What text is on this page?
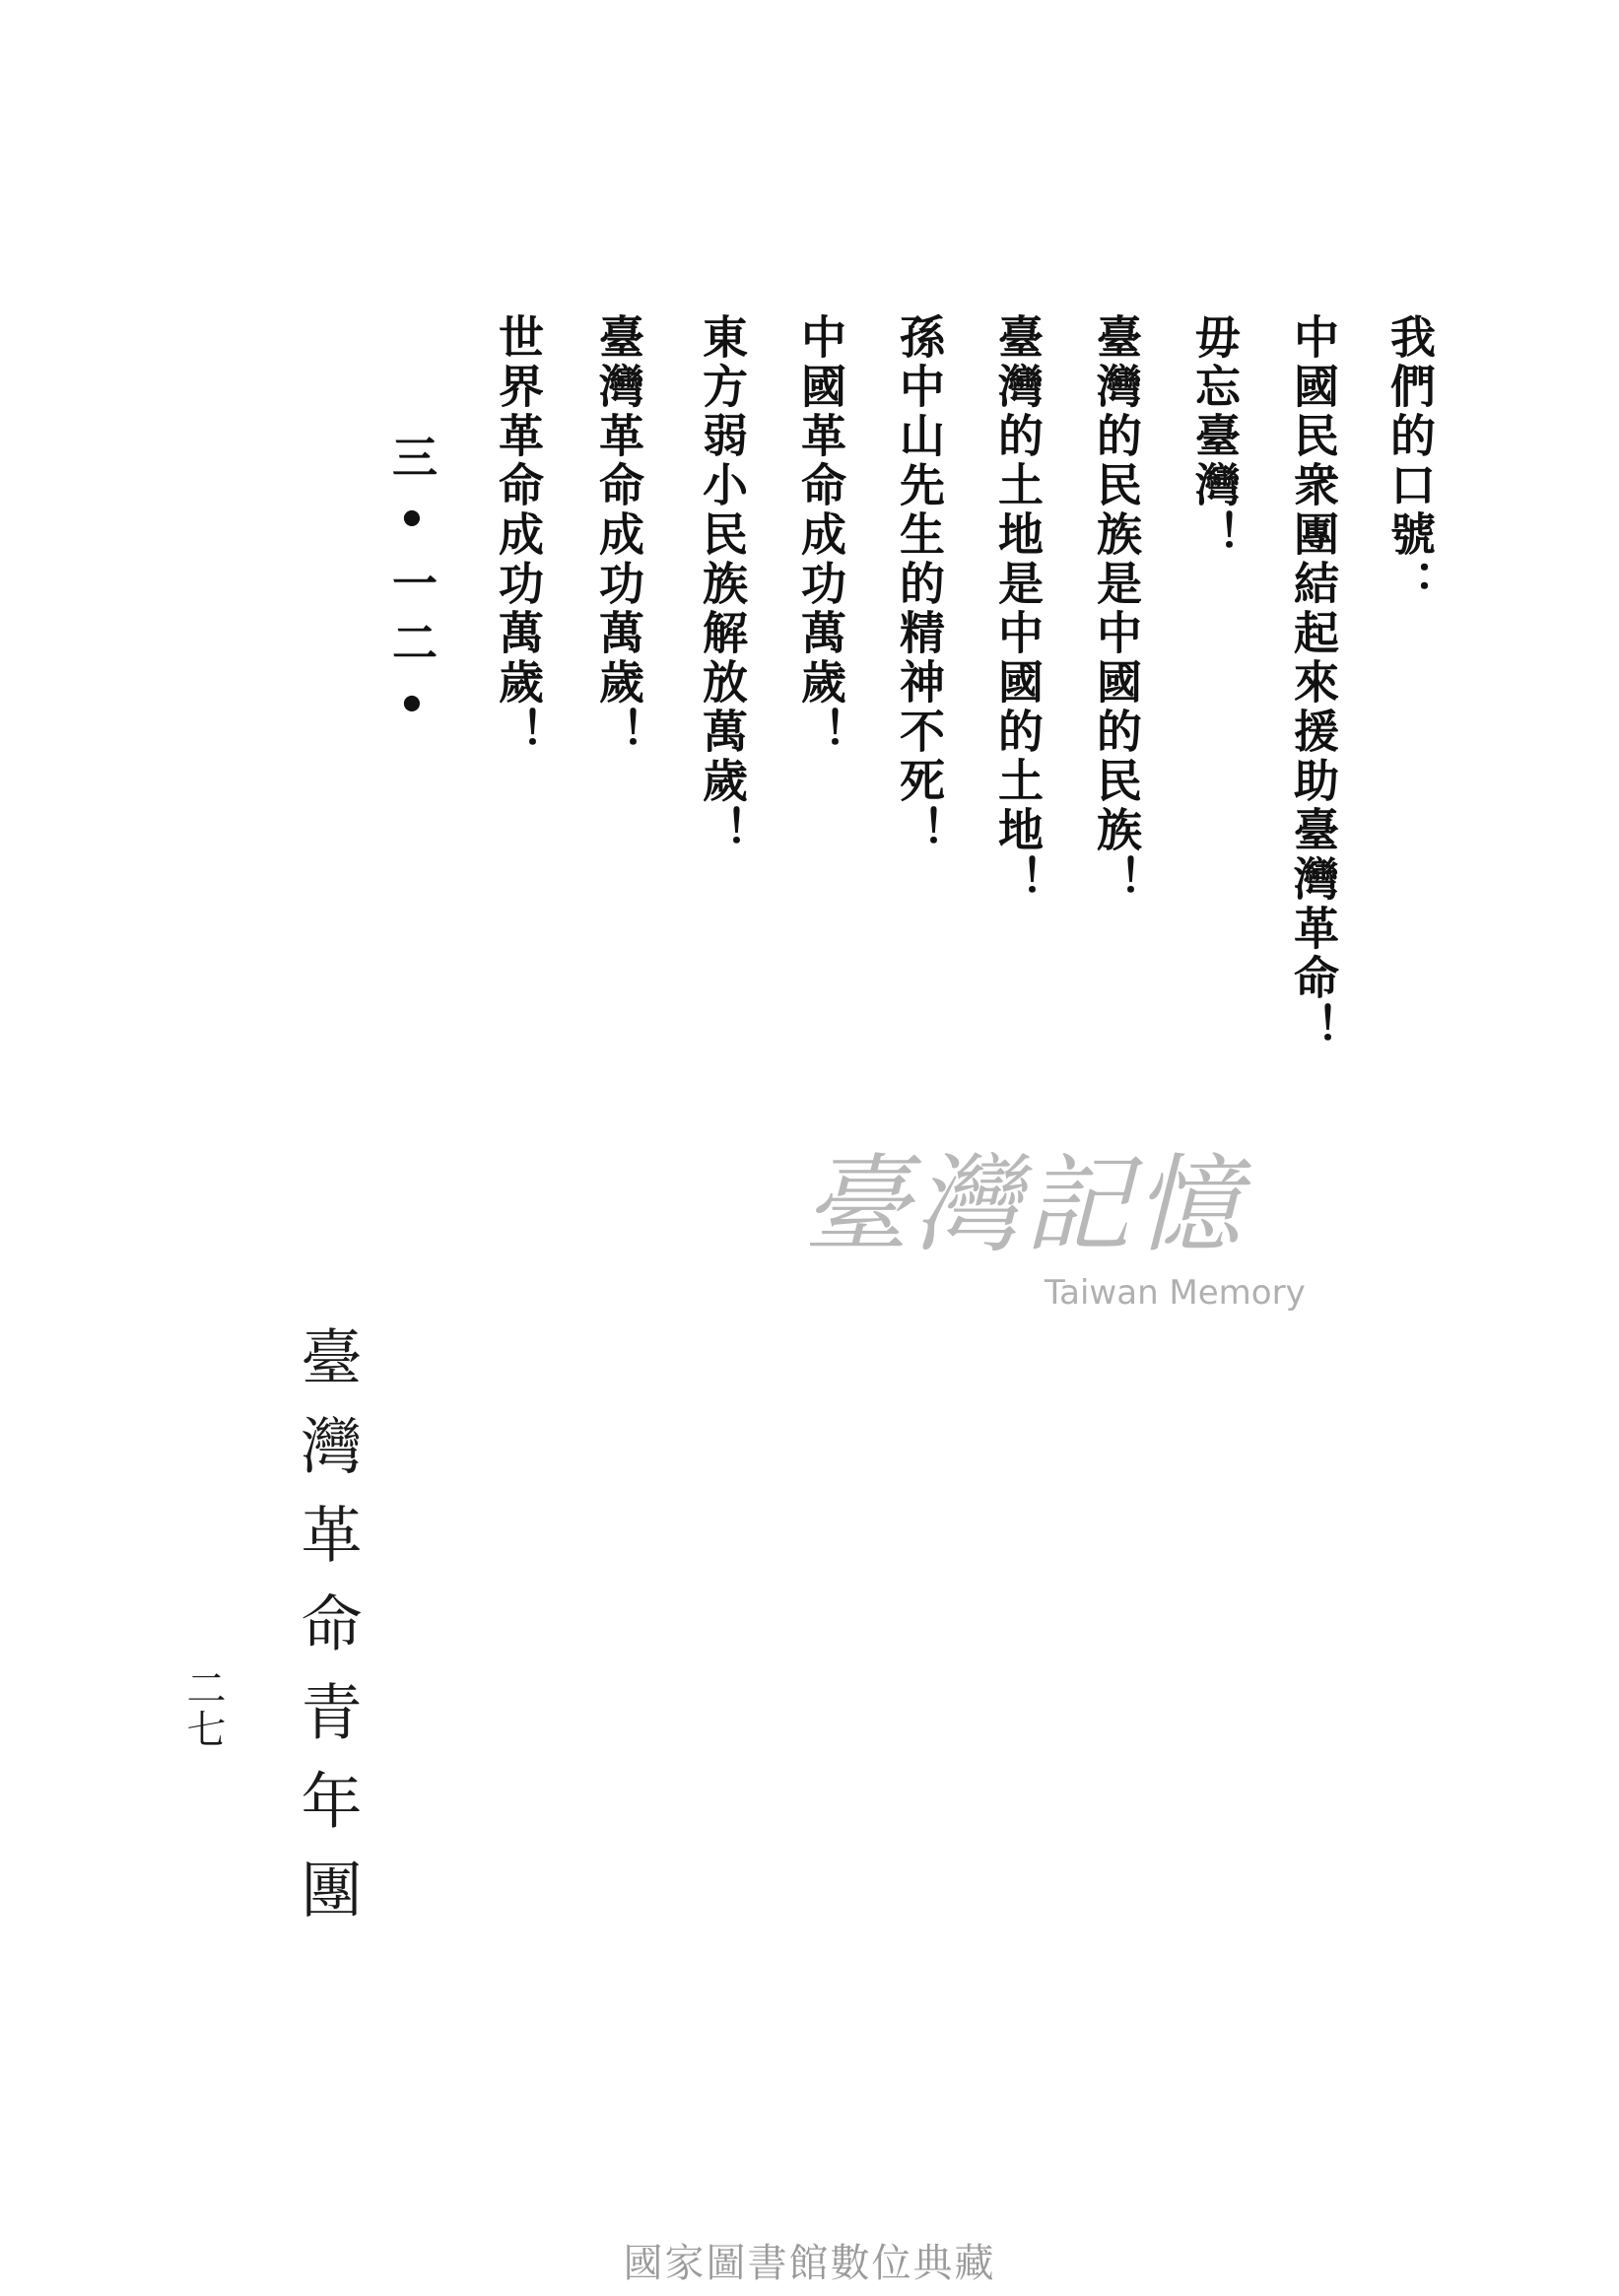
我們的口號：
中國民衆團結起來援助臺灣革命！
毋忘臺灣！
臺灣的民族是中國的民族！
臺灣的土地是中國的土地！
孫中山先生的精神不死！
中國革命成功萬歲！
東方弱小民族解放萬歲！
臺灣革命成功萬歲！
世界革命成功萬歲！
三•一二•
臺灣記憶
Taiwan Memory
臺灣革命青年團
二七
國家圖書館數位典藏
